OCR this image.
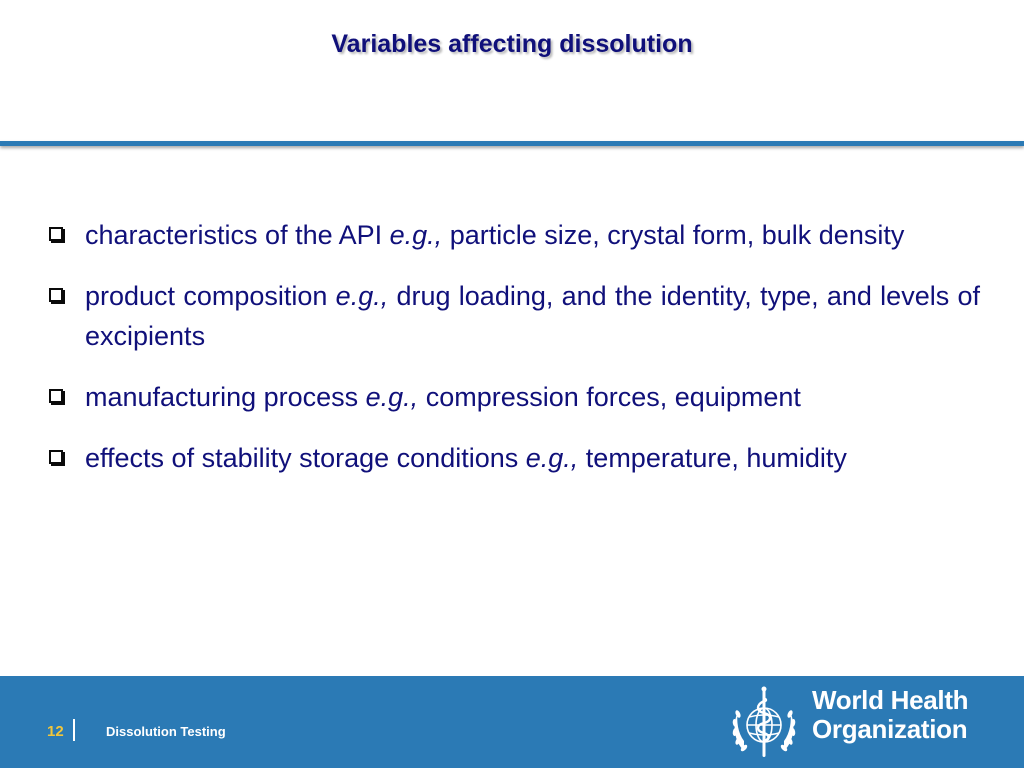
Variables affecting dissolution
characteristics of the API e.g., particle size, crystal form, bulk density
product composition e.g., drug loading, and the identity, type, and levels of excipients
manufacturing process e.g., compression forces, equipment
effects of stability storage conditions e.g., temperature, humidity
12	Dissolution Testing
World Health
Organization
